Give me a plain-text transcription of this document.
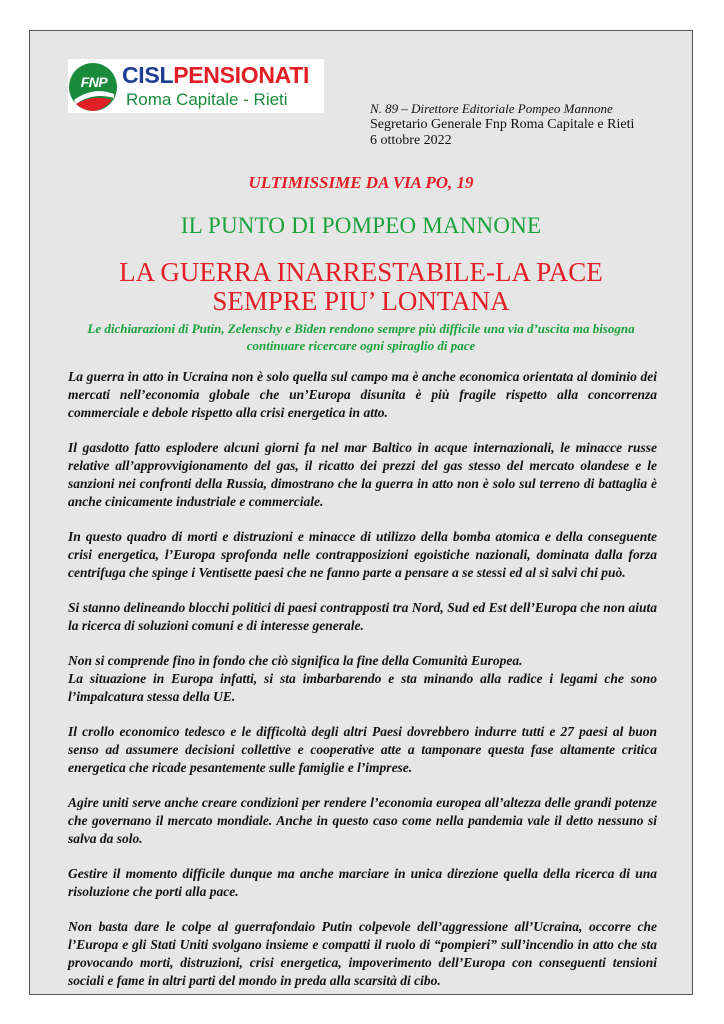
FNP CISLPENSIONATI
Roma Capitale - Rieti	N. 89 – Direttore Editoriale Pompeo Mannone
Segretario Generale Fnp Roma Capitale e Rieti
6 ottobre 2022
ULTIMISSIME DA VIA PO, 19
IL PUNTO DI POMPEO MANNONE
LA GUERRA INARRESTABILE-LA PACE
SEMPRE PIU’ LONTANA
Le dichiarazioni di Putin, Zelenschy e Biden rendono sempre più difficile una via d’uscita ma bisogna continuare ricercare ogni spiraglio di pace

La guerra in atto in Ucraina non è solo quella sul campo ma è anche economica orientata al dominio dei mercati nell’economia globale che un’Europa disunita è più fragile rispetto alla concorrenza commerciale e debole rispetto alla crisi energetica in atto.

Il gasdotto fatto esplodere alcuni giorni fa nel mar Baltico in acque internazionali, le minacce russe relative all’approvvigionamento del gas, il ricatto dei prezzi del gas stesso del mercato olandese e le sanzioni nei confronti della Russia, dimostrano che la guerra in atto non è solo sul terreno di battaglia è anche cinicamente industriale e commerciale.

In questo quadro di morti e distruzioni e minacce di utilizzo della bomba atomica e della conseguente crisi energetica, l’Europa sprofonda nelle contrapposizioni egoistiche nazionali, dominata dalla forza centrifuga che spinge i Ventisette paesi che ne fanno parte a pensare a se stessi ed al si salvi chi può.

Si stanno delineando blocchi politici di paesi contrapposti tra Nord, Sud ed Est dell’Europa che non aiuta la ricerca di soluzioni comuni e di interesse generale.

Non si comprende fino in fondo che ciò significa la fine della Comunità Europea.
La situazione in Europa infatti, si sta imbarbarendo e sta minando alla radice i legami che sono l’impalcatura stessa della UE.

Il crollo economico tedesco e le difficoltà degli altri Paesi dovrebbero indurre tutti e 27 paesi al buon senso ad assumere decisioni collettive e cooperative atte a tamponare questa fase altamente critica energetica che ricade pesantemente sulle famiglie e l’imprese.

Agire uniti serve anche creare condizioni per rendere l’economia europea all’altezza delle grandi potenze che governano il mercato mondiale. Anche in questo caso come nella pandemia vale il detto nessuno si salva da solo.

Gestire il momento difficile dunque ma anche marciare in unica direzione quella della ricerca di una risoluzione che porti alla pace.

Non basta dare le colpe al guerrafondaio Putin colpevole dell’aggressione all’Ucraina, occorre che l’Europa e gli Stati Uniti svolgano insieme e compatti il ruolo di “pompieri” sull’incendio in atto che sta provocando morti, distruzioni, crisi energetica, impoverimento dell’Europa con conseguenti tensioni sociali e fame in altri parti del mondo in preda alla scarsità di cibo.
